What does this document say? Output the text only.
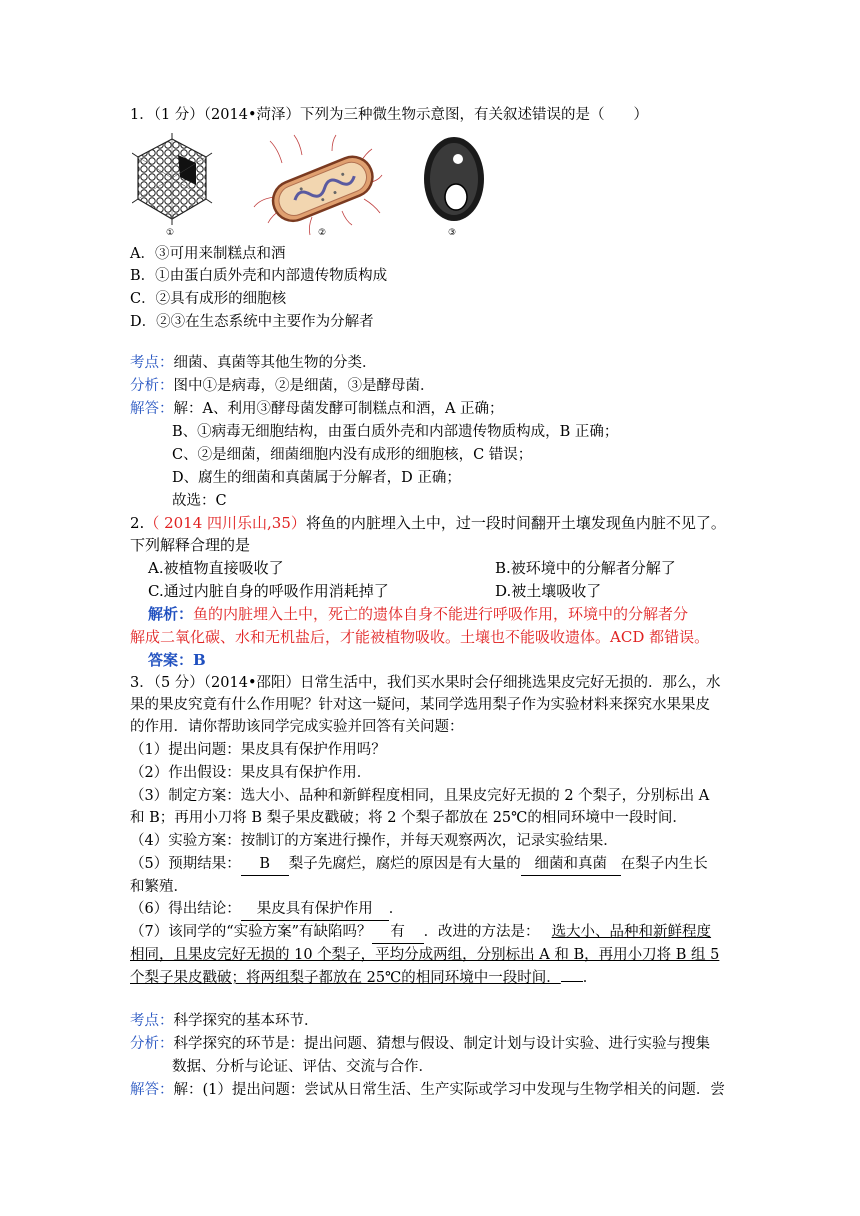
1．（1 分）（2014•菏泽）下列为三种微生物示意图，有关叙述错误的是（　　）
①	②	③
A．③可用来制糕点和酒
B．①由蛋白质外壳和内部遗传物质构成
C．②具有成形的细胞核
D．②③在生态系统中主要作为分解者
考点：细菌、真菌等其他生物的分类．
分析：图中①是病毒，②是细菌，③是酵母菌．
解答：解：A、利用③酵母菌发酵可制糕点和酒，A 正确；
B、①病毒无细胞结构，由蛋白质外壳和内部遗传物质构成，B 正确；
C、②是细菌，细菌细胞内没有成形的细胞核，C 错误；
D、腐生的细菌和真菌属于分解者，D 正确；
故选：C
2.（ 2014 四川乐山,35）将鱼的内脏埋入土中，过一段时间翻开土壤发现鱼内脏不见了。
下列解释合理的是
A.被植物直接吸收了	B.被环境中的分解者分解了
C.通过内脏自身的呼吸作用消耗掉了	D.被土壤吸收了
解析：鱼的内脏埋入土中，死亡的遗体自身不能进行呼吸作用，环境中的分解者分
解成二氧化碳、水和无机盐后，才能被植物吸收。土壤也不能吸收遗体。ACD 都错误。
答案：B
3．（5 分）（2014•邵阳）日常生活中，我们买水果时会仔细挑选果皮完好无损的．那么，水
果的果皮究竟有什么作用呢？针对这一疑问，某同学选用梨子作为实验材料来探究水果果皮
的作用．请你帮助该同学完成实验并回答有关问题：
（1）提出问题：果皮具有保护作用吗？
（2）作出假设：果皮具有保护作用．
（3）制定方案：选大小、品种和新鲜程度相同，且果皮完好无损的 2 个梨子，分别标出 A
和 B；再用小刀将 B 梨子果皮戳破；将 2 个梨子都放在 25℃的相同环境中一段时间．
（4）实验方案：按制订的方案进行操作，并每天观察两次，记录实验结果．
（5）预期结果： B 梨子先腐烂，腐烂的原因是有大量的 细菌和真菌 在梨子内生长
和繁殖．
（6）得出结论： 果皮具有保护作用 ．
（7）该同学的“实验方案”有缺陷吗？ 有 ．改进的方法是： 选大小、品种和新鲜程度
相同，且果皮完好无损的 10 个梨子，平均分成两组，分别标出 A 和 B，再用小刀将 B 组 5
个梨子果皮戳破；将两组梨子都放在 25℃的相同环境中一段时间． ．
考点：科学探究的基本环节．
分析：科学探究的环节是：提出问题、猜想与假设、制定计划与设计实验、进行实验与搜集
数据、分析与论证、评估、交流与合作．
解答：解：(1）提出问题：尝试从日常生活、生产实际或学习中发现与生物学相关的问题．尝
